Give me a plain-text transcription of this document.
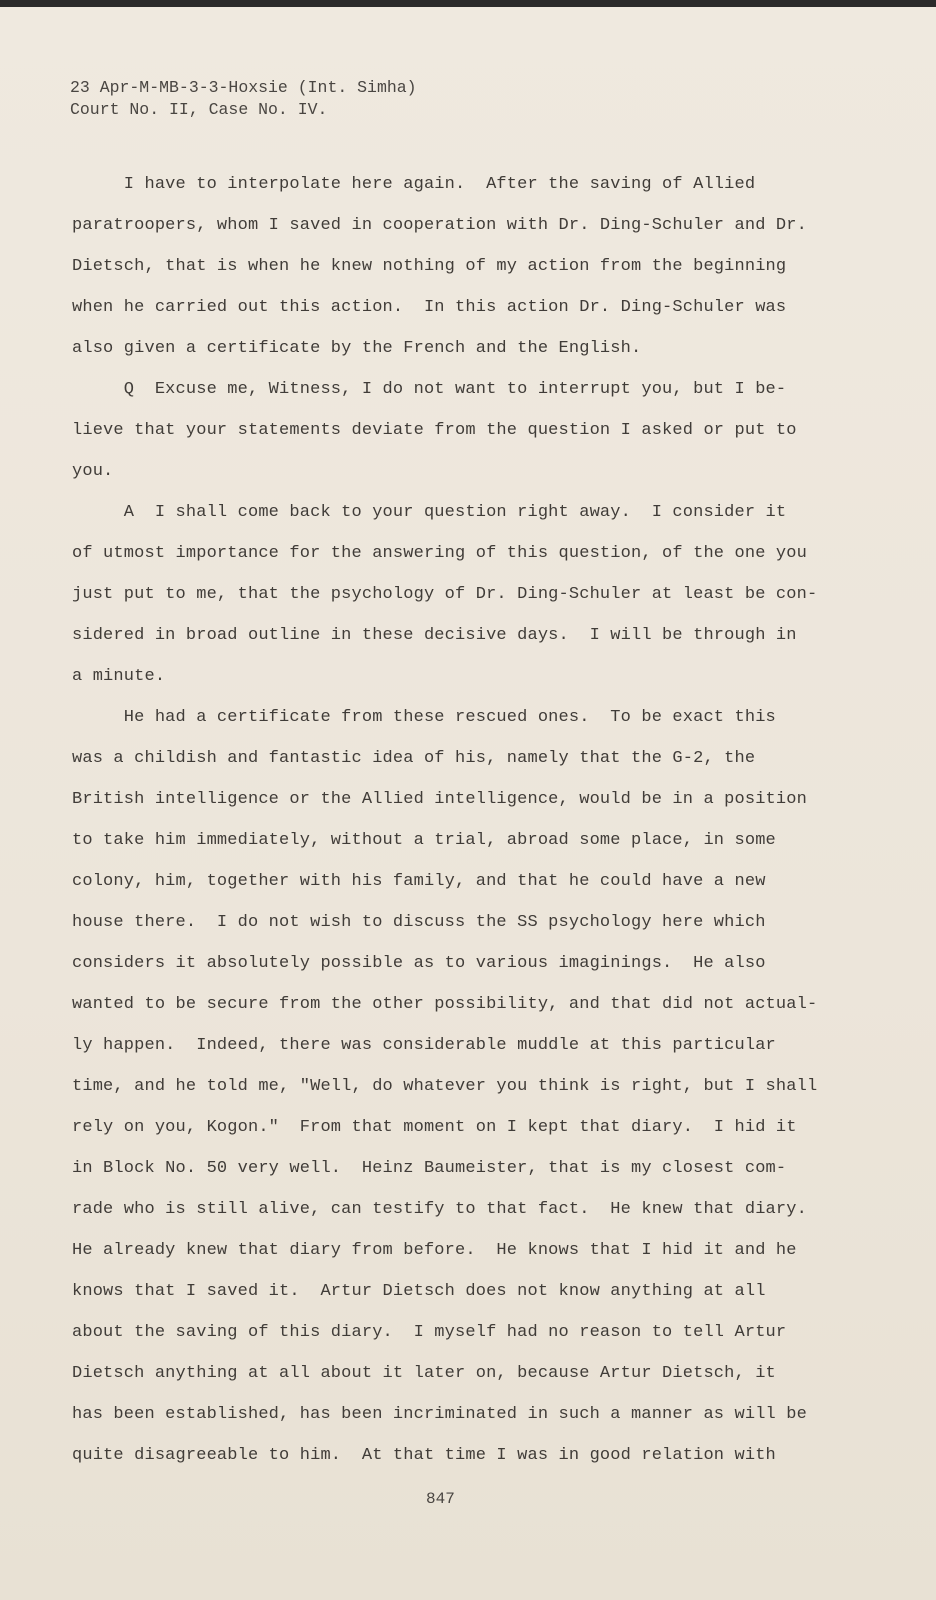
23 Apr-M-MB-3-3-Hoxsie (Int. Simha)
Court No. II, Case No. IV.
I have to interpolate here again.  After the saving of Allied
paratroopers, whom I saved in cooperation with Dr. Ding-Schuler and Dr.
Dietsch, that is when he knew nothing of my action from the beginning
when he carried out this action.  In this action Dr. Ding-Schuler was
also given a certificate by the French and the English.
Q  Excuse me, Witness, I do not want to interrupt you, but I be-
lieve that your statements deviate from the question I asked or put to
you.
A  I shall come back to your question right away.  I consider it
of utmost importance for the answering of this question, of the one you
just put to me, that the psychology of Dr. Ding-Schuler at least be con-
sidered in broad outline in these decisive days.  I will be through in
a minute.
He had a certificate from these rescued ones.  To be exact this
was a childish and fantastic idea of his, namely that the G-2, the
British intelligence or the Allied intelligence, would be in a position
to take him immediately, without a trial, abroad some place, in some
colony, him, together with his family, and that he could have a new
house there.  I do not wish to discuss the SS psychology here which
considers it absolutely possible as to various imaginings.  He also
wanted to be secure from the other possibility, and that did not actual-
ly happen.  Indeed, there was considerable muddle at this particular
time, and he told me, "Well, do whatever you think is right, but I shall
rely on you, Kogon."  From that moment on I kept that diary.  I hid it
in Block No. 50 very well.  Heinz Baumeister, that is my closest com-
rade who is still alive, can testify to that fact.  He knew that diary.
He already knew that diary from before.  He knows that I hid it and he
knows that I saved it.  Artur Dietsch does not know anything at all
about the saving of this diary.  I myself had no reason to tell Artur
Dietsch anything at all about it later on, because Artur Dietsch, it
has been established, has been incriminated in such a manner as will be
quite disagreeable to him.  At that time I was in good relation with
847
